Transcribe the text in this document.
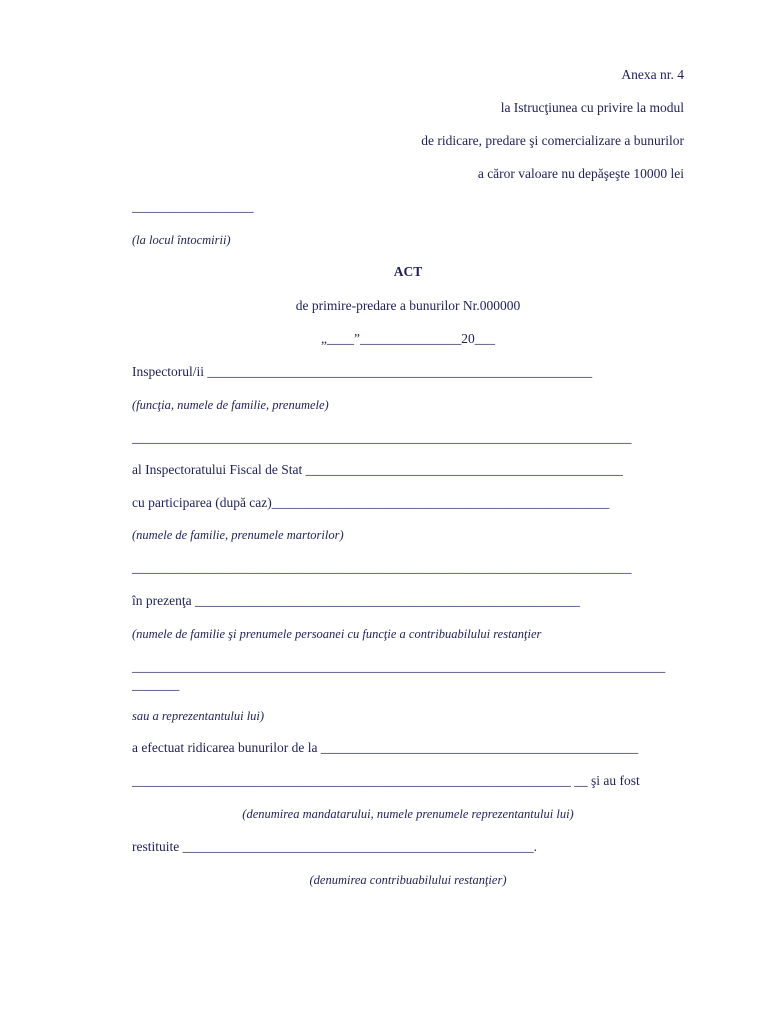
Anexa nr. 4
la Istrucţiunea cu privire la modul
de ridicare, predare şi comercializare a bunurilor
a căror valoare nu depăşeşte 10000 lei
__________________
(la locul întocmirii)
ACT
de primire-predare a bunurilor Nr.000000
„____”_______________20___
Inspectorul/ii _________________________________________________________
(funcţia, numele de familie, prenumele)
__________________________________________________________________________
al Inspectoratului Fiscal de Stat _______________________________________________
cu participarea (după caz)__________________________________________________
(numele de familie, prenumele martorilor)
__________________________________________________________________________
în prezenţa _________________________________________________________
(numele de familie şi prenumele persoanei cu funcţie a contribuabilului restanţier
_______________________________________________________________________________
_______
sau a reprezentantului lui)
a efectuat ridicarea bunurilor de la _______________________________________________
_________________________________________________________________ __ şi au fost
(denumirea mandatarului, numele prenumele reprezentantului lui)
restituite ____________________________________________________.
(denumirea contribuabilului restanţier)
